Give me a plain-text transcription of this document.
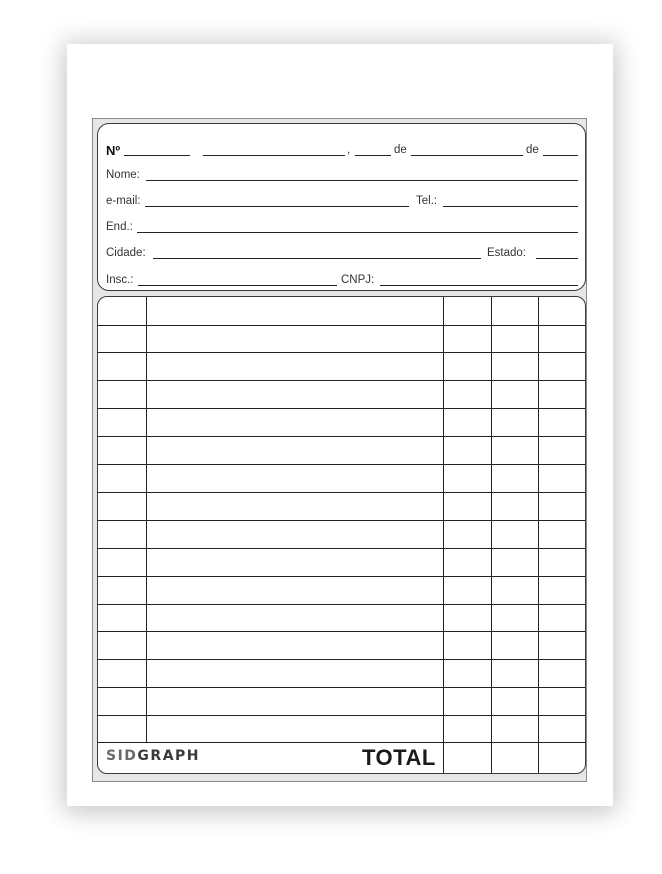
Nº	,	de	de
Nome:
e-mail:	Tel.:
End.:
Cidade:	Estado:
Insc.:	CNPJ:
SIDGRAPH	TOTAL
